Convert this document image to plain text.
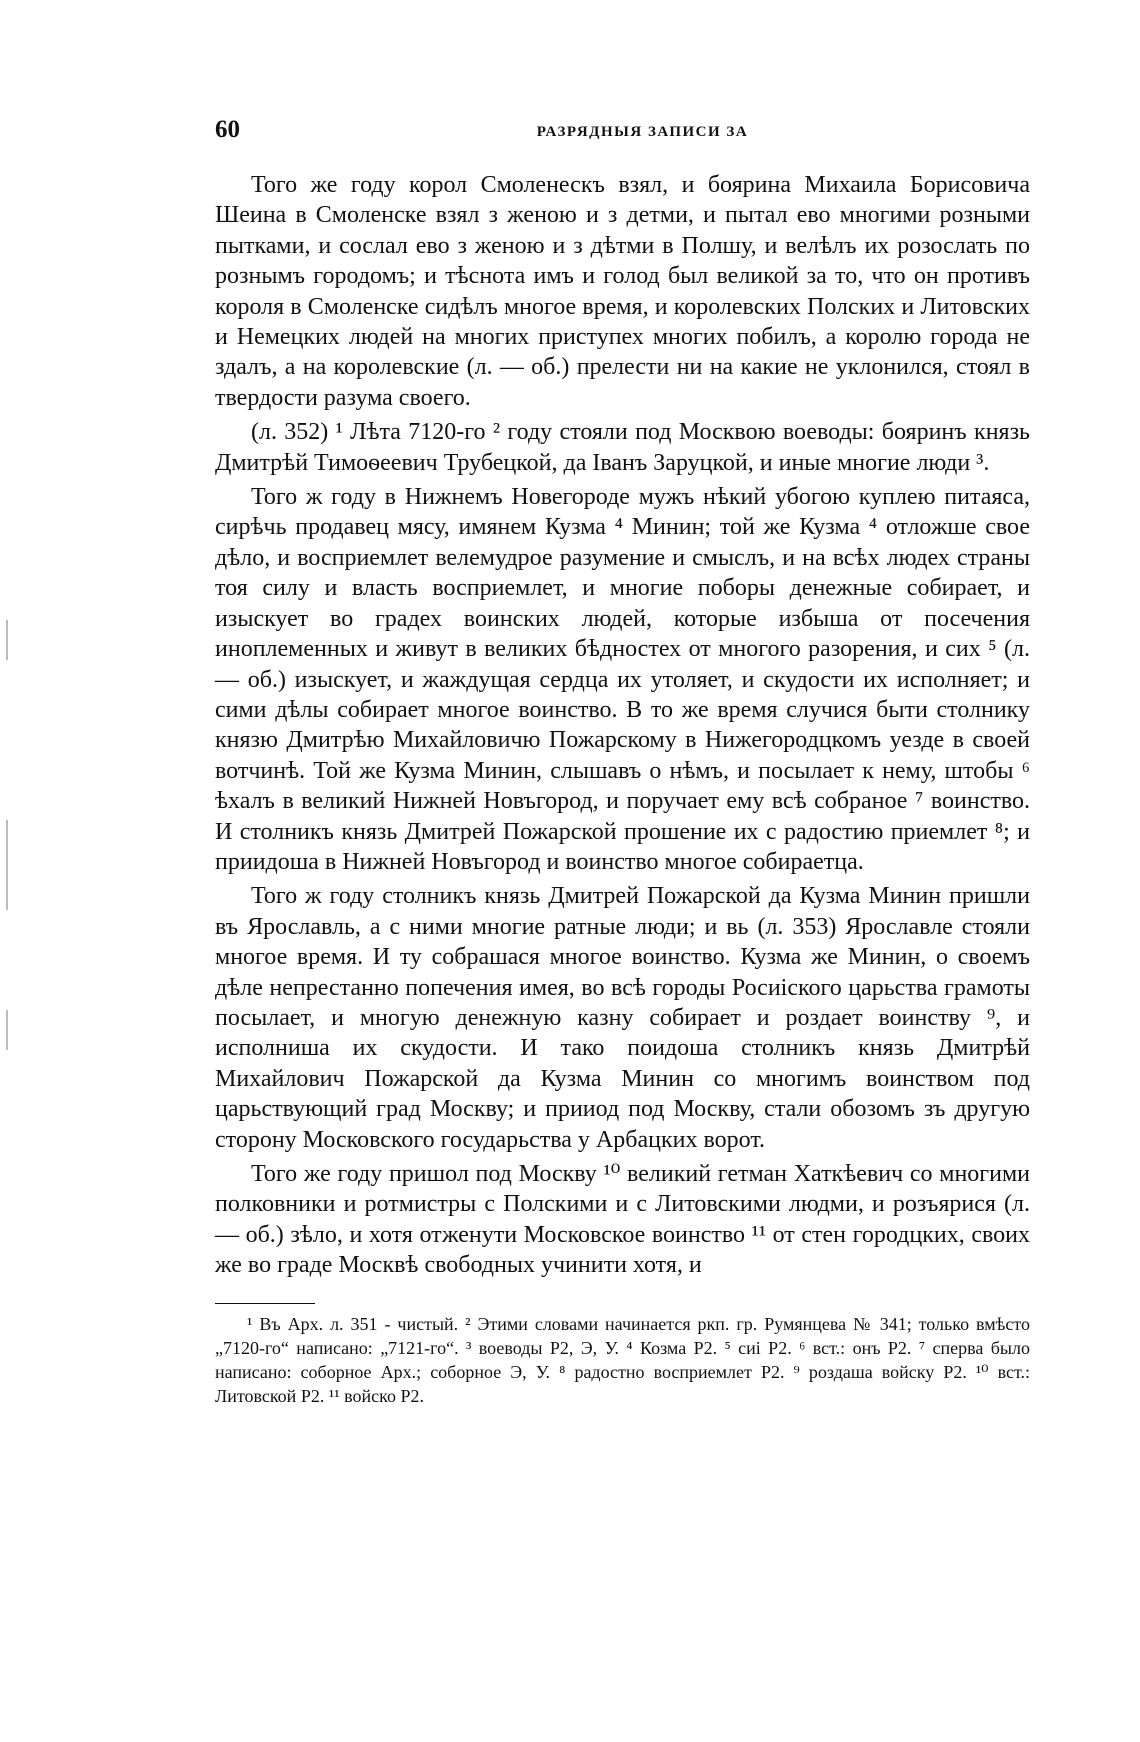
60	РАЗРЯДНЫЯ ЗАПИСИ ЗА

Того же году корол Смоленескъ взял, и боярина Михаила Борисовича Шеина в Смоленске взял з женою и з детми, и пытал ево многими розными пытками, и сослал ево з женою и з дѣтми в Полшу, и велѣлъ их розослать по рознымъ городомъ; и тѣснота имъ и голод был великой за то, что он противъ короля в Смоленске сидѣлъ многое время, и королевских Полских и Литовских и Немецких людей на многих приступех многих побилъ, а королю города не здалъ, а на королевские (л. — об.) прелести ни на какие не уклонился, стоял в твердости разума своего.

(л. 352) ¹ Лѣта 7120-го ² году стояли под Москвою воеводы: бояринъ князь Дмитрѣй Тимоѳеевич Трубецкой, да Іванъ Заруцкой, и иные многие люди ³.

Того ж году в Нижнемъ Новегороде мужъ нѣкий убогою куплею питаяса, сирѣчь продавец мясу, имянем Кузма ⁴ Минин; той же Кузма ⁴ отложше свое дѣло, и восприемлет велемудрое разумение и смыслъ, и на всѣх людех страны тоя силу и власть восприемлет, и многие поборы денежные собирает, и изыскует во градех воинских людей, которые избыша от посечения иноплеменных и живут в великих бѣдностех от многого разорения, и сих ⁵ (л. — об.) изыскует, и жаждущая сердца их утоляет, и скудости их исполняет; и сими дѣлы собирает многое воинство. В то же время случися быти столнику князю Дмитрѣю Михайловичю Пожарскому в Нижегородцкомъ уезде в своей вотчинѣ. Той же Кузма Минин, слышавъ о нѣмъ, и посылает к нему, штобы ⁶ ѣхалъ в великий Нижней Новъгород, и поручает ему всѣ собраное ⁷ воинство. И столникъ князь Дмитрей Пожарской прошение их с радостию приемлет ⁸; и приидоша в Нижней Новъгород и воинство многое собираетца.

Того ж году столникъ князь Дмитрей Пожарской да Кузма Минин пришли въ Ярославль, а с ними многие ратные люди; и вь (л. 353) Ярославле стояли многое время. И ту собрашася многое воинство. Кузма же Минин, о своемъ дѣле непрестанно попечения имея, во всѣ городы Росиіского царьства грамоты посылает, и многую денежную казну собирает и роздает воинству ⁹, и исполниша их скудости. И тако поидоша столникъ князь Дмитрѣй Михайлович Пожарской да Кузма Минин со многимъ воинством под царьствующий град Москву; и прииод под Москву, стали обозомъ зъ другую сторону Московского государьства у Арбацких ворот.

Того же году пришол под Москву ¹⁰ великий гетман Хаткѣевич со многими полковники и ротмистры с Полскими и с Литовскими людми, и розъярися (л. — об.) зѣло, и хотя отженути Московское воинство ¹¹ от стен городцких, своих же во граде Москвѣ свободных учинити хотя, и

¹ Въ Арх. л. 351 - чистый. ² Этими словами начинается ркп. гр. Румянцева № 341; только вмѣсто „7120-го“ написано: „7121-го“. ³ воеводы Р2, Э, У. ⁴ Козма Р2. ⁵ сиі Р2. ⁶ вст.: онъ Р2. ⁷ сперва было написано: соборное Арх.; соборное Э, У. ⁸ радостно восприемлет Р2. ⁹ роздаша войску Р2. ¹⁰ вст.: Литовской Р2. ¹¹ войско Р2.
